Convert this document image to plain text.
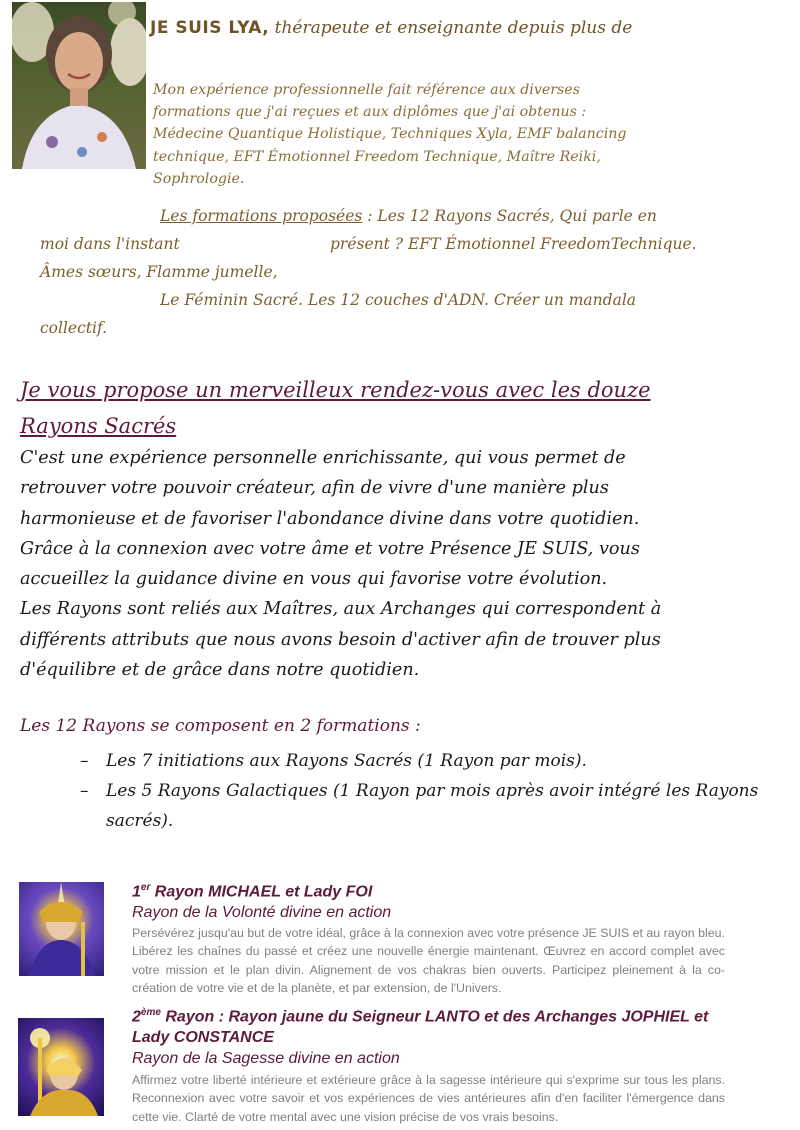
JE SUIS LYA, thérapeute et enseignante depuis plus de
Mon expérience professionnelle fait référence aux diverses
formations que j'ai reçues et aux diplômes que j'ai obtenus :
Médecine Quantique Holistique, Techniques Xyla, EMF balancing
technique, EFT Émotionnel Freedom Technique, Maître Reiki,
Sophrologie.
Les formations proposées : Les 12 Rayons Sacrés, Qui parle en
moi dans l'instant	présent ? EFT Émotionnel FreedomTechnique.
Âmes sœurs, Flamme jumelle,
Le Féminin Sacré. Les 12 couches d'ADN. Créer un mandala
collectif.
Je vous propose un merveilleux rendez-vous avec les douze
Rayons Sacrés
C'est une expérience personnelle enrichissante, qui vous permet de
retrouver votre pouvoir créateur, afin de vivre d'une manière plus
harmonieuse et de favoriser l'abondance divine dans votre quotidien.
Grâce à la connexion avec votre âme et votre Présence JE SUIS, vous
accueillez la guidance divine en vous qui favorise votre évolution.
Les Rayons sont reliés aux Maîtres, aux Archanges qui correspondent à
différents attributs que nous avons besoin d'activer afin de trouver plus
d'équilibre et de grâce dans notre quotidien.
Les 12 Rayons se composent en 2 formations :
– Les 7 initiations aux Rayons Sacrés (1 Rayon par mois).
– Les 5 Rayons Galactiques (1 Rayon par mois après avoir intégré les Rayons sacrés).
1er Rayon MICHAEL et Lady FOI
Rayon de la Volonté divine en action
Persévérez jusqu'au but de votre idéal, grâce à la connexion avec votre présence JE SUIS et au rayon bleu. Libérez les chaînes du passé et créez une nouvelle énergie maintenant. Œuvrez en accord complet avec votre mission et le plan divin. Alignement de vos chakras bien ouverts. Participez pleinement à la co-création de votre vie et de la planète, et par extension, de l'Univers.
2ème Rayon : Rayon jaune du Seigneur LANTO et des Archanges JOPHIEL et
Lady CONSTANCE
Rayon de la Sagesse divine en action
Affirmez votre liberté intérieure et extérieure grâce à la sagesse intérieure qui s'exprime sur tous les plans. Reconnexion avec votre savoir et vos expériences de vies antérieures afin d'en faciliter l'émergence dans cette vie. Clarté de votre mental avec une vision précise de vos vrais besoins.
